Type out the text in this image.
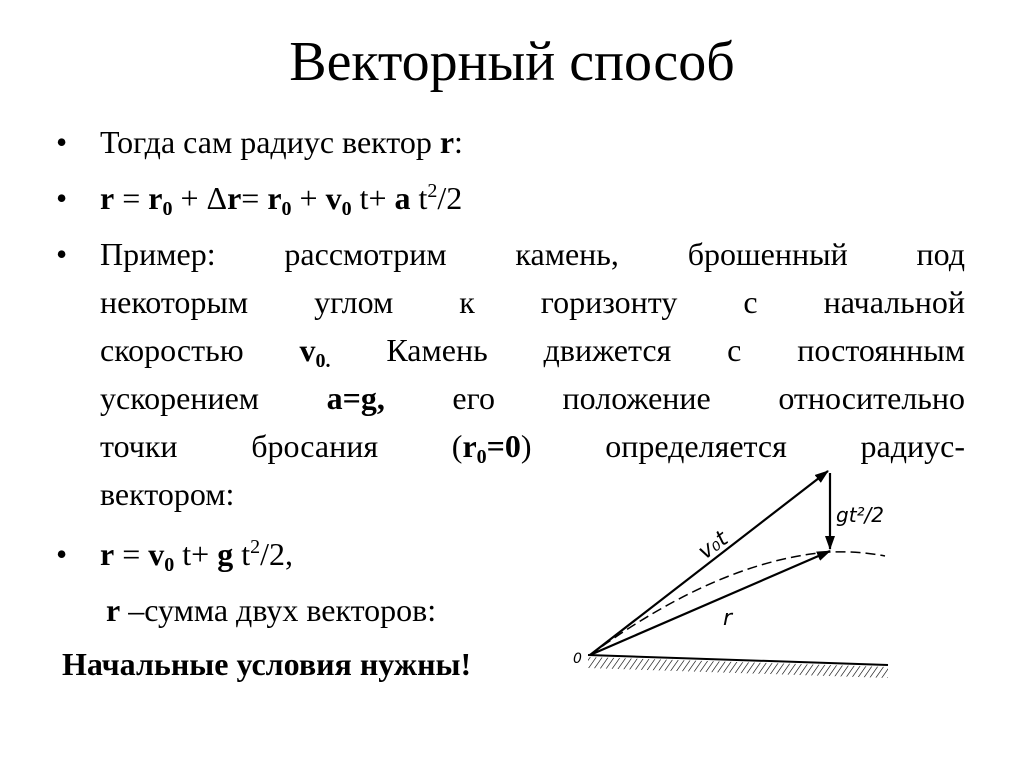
Векторный способ
• Тогда сам радиус вектор r:
• $r = r_0 + \Delta r= r_0 + v_0$ t+ a $t^2/2$
• Пример: рассмотрим камень, брошенный под
некоторым углом к горизонту с начальной
скоростью $v_{0.}$ Камень движется с постоянным
ускорением a=g, его положение относительно
точки бросания $(r_0=0)$ определяется радиус-
вектором:
• $r = v_0$ t+ g $t^2/2$,
r –сумма двух векторов:
Начальные условия нужны!
v₀t
gt²/2
r
0
